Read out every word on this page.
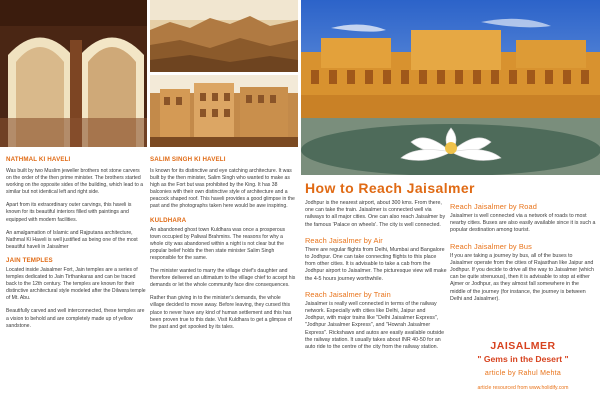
NATHMAL KI HAVELI

Was built by two Muslim jeweller brothers not stone carvers on the order of the then prime minister. The brothers started working on the opposite sides of the building, which lead to a similar but not identical left and right side.

Apart from its extraordinary outer carvings, this haveli is known for its beautiful interiors filled with paintings and equipped with modern facilities.

An amalgamation of Islamic and Rajputana architecture, Nathmal Ki Haveli is well justified as being one of the most beautiful haveli in Jaisalmer

JAIN TEMPLES

Located inside Jaisalmer Fort, Jain temples are a series of temples dedicated to Jain Tirthankaras and can be traced back to the 12th century. The temples are known for their distinctive architectural style modeled after the Dilwara temple of Mt. Abu.

Beautifully carved and well interconnected, these temples are a vision to behold and are completely made up of yellow sandstone.

SALIM SINGH KI HAVELI

Is known for its distinctive and eye catching architecture. It was built by the then minister, Salim Singh who wanted to make as high as the Fort but was prohibited by the King. It has 38 balconies with their own distinctive style of architecture and a peacock shaped roof. This haveli provides a good glimpse in the past and the photographs taken here would be awe inspiring.

KULDHARA

An abandoned ghost town Kuldhara was once a prosperous town occupied by Paliwal Brahmins. The reasons for why a whole city was abandoned within a night is not clear but the popular belief holds the then state minister Salim Singh responsible for the same.

The minister wanted to marry the village chief's daughter and therefore delivered an ultimatum to the village chief to accept his demands or let the whole community face dire consequences.

Rather than giving in to the minister's demands, the whole village decided to move away. Before leaving, they cursed this place to never have any kind of human settlement and this has been proven true to this date. Visit Kuldhara to get a glimpse of the past and get spooked by its tales.

How to Reach Jaisalmer

Jodhpur is the nearest airport, about 300 kms. From there, one can take the train. Jaisalmer is connected well via railways to all major cities. One can also reach Jaisalmer by the famous 'Palace on wheels'. The city is well connected.

Reach Jaisalmer by Air

There are regular flights from Delhi, Mumbai and Bangalore to Jodhpur. One can take connecting flights to this place from other cities. It is advisable to take a cab from the Jodhpur airport to Jaisalmer. The picturesque view will make the 4-5 hours journey worthwhile.

Reach Jaisalmer by Train

Jaisalmer is really well connected in terms of the railway network. Especially with cities like Delhi, Jaipur and Jodhpur, with major trains like "Delhi Jaisalmer Express", "Jodhpur Jaisalmer Express", and "Howrah Jaisalmer Express". Rickshaws and autos are easily available outside the railway station. It usually takes about INR 40-50 for an auto ride to the centre of the city from the railway station.

Reach Jaisalmer by Road

Jaisalmer is well connected via a network of roads to most nearby cities. Buses are also easily available since it is such a popular destination among tourist.

Reach Jaisalmer by Bus

If you are taking a journey by bus, all of the buses to Jaisalmer operate from the cities of Rajasthan like Jaipur and Jodhpur. If you decide to drive all the way to Jaisalmer (which can be quite strenuous), then it is advisable to stop at either Ajmer or Jodhpur, as they almost fall somewhere in the middle of the journey (for instance, the journey is between Delhi and Jaisalmer).

JAISALMER
" Gems in the Desert "
article by Rahul Mehta
article resourced from www.holidify.com
